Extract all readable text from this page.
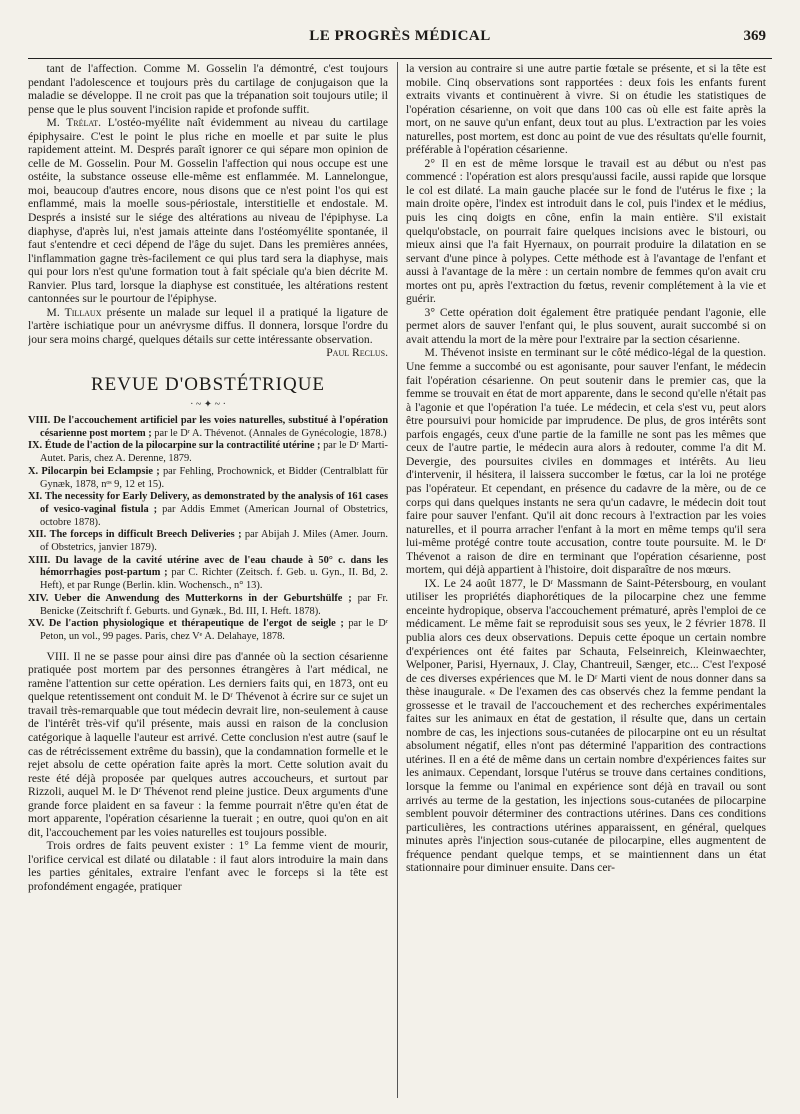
LE PROGRÈS MÉDICAL	369

tant de l'affection. Comme M. Gosselin l'a démontré, c'est toujours pendant l'adolescence et toujours près du cartilage de conjugaison que la maladie se développe. Il ne croit pas que la trépanation soit toujours utile; il pense que le plus souvent l'incision rapide et profonde suffit.

M. Trélat. L'ostéo-myélite naît évidemment au niveau du cartilage épiphysaire. C'est le point le plus riche en moelle et par suite le plus rapidement atteint. M. Després paraît ignorer ce qui sépare mon opinion de celle de M. Gosselin. Pour M. Gosselin l'affection qui nous occupe est une ostéite, la substance osseuse elle-même est enflammée. M. Lannelongue, moi, beaucoup d'autres encore, nous disons que ce n'est point l'os qui est enflammé, mais la moelle sous-périostale, interstitielle et endostale. M. Després a insisté sur le siége des altérations au niveau de l'épiphyse. La diaphyse, d'après lui, n'est jamais atteinte dans l'ostéomyélite spontanée, il faut s'entendre et ceci dépend de l'âge du sujet. Dans les premières années, l'inflammation gagne très-facilement ce qui plus tard sera la diaphyse, mais qui pour lors n'est qu'une formation tout à fait spéciale qu'a bien décrite M. Ranvier. Plus tard, lorsque la diaphyse est constituée, les altérations restent cantonnées sur le pourtour de l'épiphyse.

M. Tillaux présente un malade sur lequel il a pratiqué la ligature de l'artère ischiatique pour un anévrysme diffus. Il donnera, lorsque l'ordre du jour sera moins chargé, quelques détails sur cette intéressante observation.

Paul Reclus.

REVUE D'OBSTÉTRIQUE
· ~ ✦ ~ ·

VIII. De l'accouchement artificiel par les voies naturelles, substitué à l'opération césarienne post mortem ; par le Dʳ A. Thévenot. (Annales de Gynécologie, 1878.)

IX. Étude de l'action de la pilocarpine sur la contractilité utérine ; par le Dʳ Marti-Autet. Paris, chez A. Derenne, 1879.

X. Pilocarpin bei Eclampsie ; par Fehling, Prochownick, et Bidder (Centralblatt für Gynæk, 1878, nᵒˢ 9, 12 et 15).

XI. The necessity for Early Delivery, as demonstrated by the analysis of 161 cases of vesico-vaginal fistula ; par Addis Emmet (American Journal of Obstetrics, octobre 1878).

XII. The forceps in difficult Breech Deliveries ; par Abijah J. Miles (Amer. Journ. of Obstetrics, janvier 1879).

XIII. Du lavage de la cavité utérine avec de l'eau chaude à 50° c. dans les hémorrhagies post-partum ; par C. Richter (Zeitsch. f. Geb. u. Gyn., II. Bd, 2. Heft), et par Runge (Berlin. klin. Wochensch., n° 13).

XIV. Ueber die Anwendung des Mutterkorns in der Geburtshülfe ; par Fr. Benicke (Zeitschrift f. Geburts. und Gynæk., Bd. III, I. Heft. 1878).

XV. De l'action physiologique et thérapeutique de l'ergot de seigle ; par le Dʳ Peton, un vol., 99 pages. Paris, chez Vᵉ A. Delahaye, 1878.

VIII. Il ne se passe pour ainsi dire pas d'année où la section césarienne pratiquée post mortem par des personnes étrangères à l'art médical, ne ramène l'attention sur cette opération. Les derniers faits qui, en 1873, ont eu quelque retentissement ont conduit M. le Dʳ Thévenot à écrire sur ce sujet un travail très-remarquable que tout médecin devrait lire, non-seulement à cause de l'intérêt très-vif qu'il présente, mais aussi en raison de la conclusion catégorique à laquelle l'auteur est arrivé. Cette conclusion n'est autre (sauf le cas de rétrécissement extrême du bassin), que la condamnation formelle et le rejet absolu de cette opération faite après la mort. Cette solution avait du reste été déjà proposée par quelques autres accoucheurs, et surtout par Rizzoli, auquel M. le Dʳ Thévenot rend pleine justice. Deux arguments d'une grande force plaident en sa faveur : la femme pourrait n'être qu'en état de mort apparente, l'opération césarienne la tuerait ; en outre, quoi qu'on en ait dit, l'accouchement par les voies naturelles est toujours possible.

Trois ordres de faits peuvent exister : 1° La femme vient de mourir, l'orifice cervical est dilaté ou dilatable : il faut alors introduire la main dans les parties génitales, extraire l'enfant avec le forceps si la tête est profondément engagée, pratiquer

la version au contraire si une autre partie fœtale se présente, et si la tête est mobile. Cinq observations sont rapportées : deux fois les enfants furent extraits vivants et continuèrent à vivre. Si on étudie les statistiques de l'opération césarienne, on voit que dans 100 cas où elle est faite après la mort, on ne sauve qu'un enfant, deux tout au plus. L'extraction par les voies naturelles, post mortem, est donc au point de vue des résultats qu'elle fournit, préférable à l'opération césarienne.

2° Il en est de même lorsque le travail est au début ou n'est pas commencé : l'opération est alors presqu'aussi facile, aussi rapide que lorsque le col est dilaté. La main gauche placée sur le fond de l'utérus le fixe ; la main droite opère, l'index est introduit dans le col, puis l'index et le médius, puis les cinq doigts en cône, enfin la main entière. S'il existait quelqu'obstacle, on pourrait faire quelques incisions avec le bistouri, ou mieux ainsi que l'a fait Hyernaux, on pourrait produire la dilatation en se servant d'une pince à polypes. Cette méthode est à l'avantage de l'enfant et aussi à l'avantage de la mère : un certain nombre de femmes qu'on avait cru mortes ont pu, après l'extraction du fœtus, revenir complétement à la vie et guérir.

3° Cette opération doit également être pratiquée pendant l'agonie, elle permet alors de sauver l'enfant qui, le plus souvent, aurait succombé si on avait attendu la mort de la mère pour l'extraire par la section césarienne.

M. Thévenot insiste en terminant sur le côté médico-légal de la question. Une femme a succombé ou est agonisante, pour sauver l'enfant, le médecin fait l'opération césarienne. On peut soutenir dans le premier cas, que la femme se trouvait en état de mort apparente, dans le second qu'elle n'était pas à l'agonie et que l'opération l'a tuée. Le médecin, et cela s'est vu, peut alors être poursuivi pour homicide par imprudence. De plus, de gros intérêts sont parfois engagés, ceux d'une partie de la famille ne sont pas les mêmes que ceux de l'autre partie, le médecin aura alors à redouter, comme l'a dit M. Devergie, des poursuites civiles en dommages et intérêts. Au lieu d'intervenir, il hésitera, il laissera succomber le fœtus, car la loi ne protége pas l'opérateur. Et cependant, en présence du cadavre de la mère, ou de ce corps qui dans quelques instants ne sera qu'un cadavre, le médecin doit tout faire pour sauver l'enfant. Qu'il ait donc recours à l'extraction par les voies naturelles, et il pourra arracher l'enfant à la mort en même temps qu'il sera lui-même protégé contre toute accusation, contre toute poursuite. M. le Dʳ Thévenot a raison de dire en terminant que l'opération césarienne, post mortem, qui déjà appartient à l'histoire, doit disparaître de nos mœurs.

IX. Le 24 août 1877, le Dʳ Massmann de Saint-Pétersbourg, en voulant utiliser les propriétés diaphorétiques de la pilocarpine chez une femme enceinte hydropique, observa l'accouchement prématuré, après l'emploi de ce médicament. Le même fait se reproduisit sous ses yeux, le 2 février 1878. Il publia alors ces deux observations. Depuis cette époque un certain nombre d'expériences ont été faites par Schauta, Felseinreich, Kleinwaechter, Welponer, Parisi, Hyernaux, J. Clay, Chantreuil, Sænger, etc... C'est l'exposé de ces diverses expériences que M. le Dʳ Marti vient de nous donner dans sa thèse inaugurale. « De l'examen des cas observés chez la femme pendant la grossesse et le travail de l'accouchement et des recherches expérimentales faites sur les animaux en état de gestation, il résulte que, dans un certain nombre de cas, les injections sous-cutanées de pilocarpine ont eu un résultat absolument négatif, elles n'ont pas déterminé l'apparition des contractions utérines. Il en a été de même dans un certain nombre d'expériences faites sur les animaux. Cependant, lorsque l'utérus se trouve dans certaines conditions, lorsque la femme ou l'animal en expérience sont déjà en travail ou sont arrivés au terme de la gestation, les injections sous-cutanées de pilocarpine semblent pouvoir déterminer des contractions utérines. Dans ces conditions particulières, les contractions utérines apparaissent, en général, quelques minutes après l'injection sous-cutanée de pilocarpine, elles augmentent de fréquence pendant quelque temps, et se maintiennent dans un état stationnaire pour diminuer ensuite. Dans cer-
